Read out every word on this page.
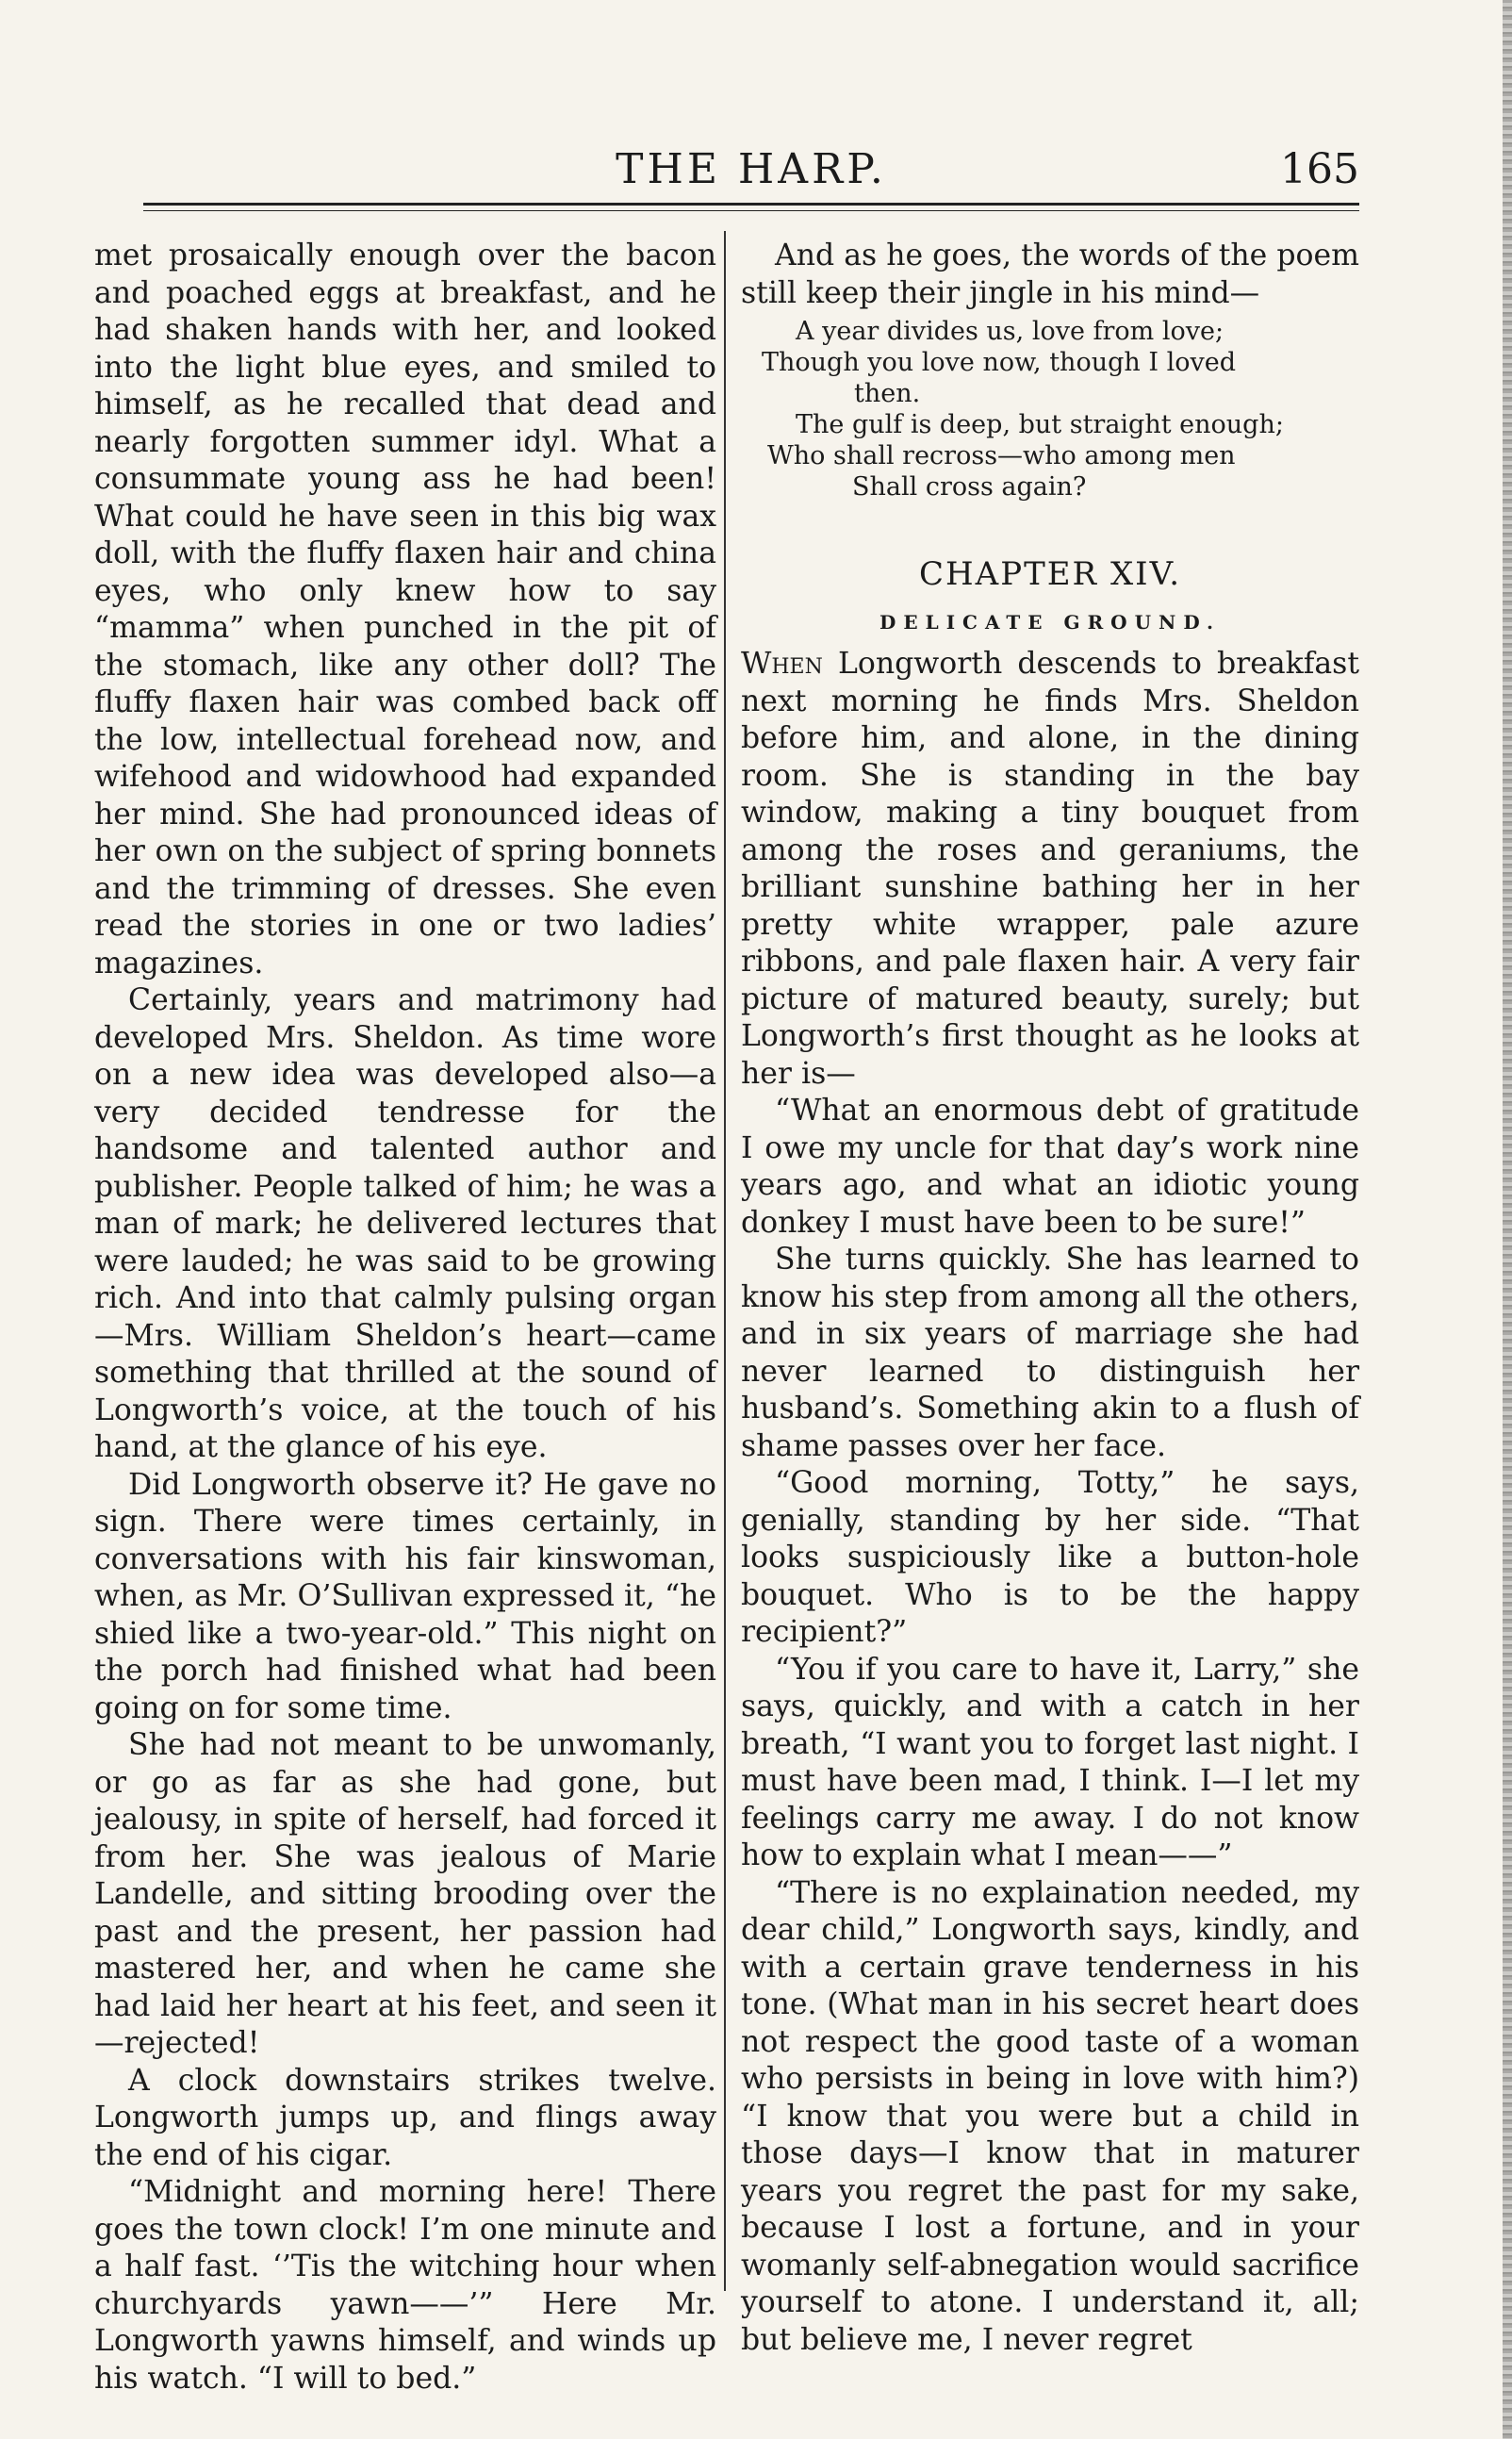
THE HARP.	165

met prosaically enough over the bacon and poached eggs at breakfast, and he had shaken hands with her, and looked into the light blue eyes, and smiled to himself, as he recalled that dead and nearly forgotten summer idyl. What a consummate young ass he had been! What could he have seen in this big wax doll, with the fluffy flaxen hair and china eyes, who only knew how to say “mamma” when punched in the pit of the stomach, like any other doll? The fluffy flaxen hair was combed back off the low, intellectual forehead now, and wifehood and widowhood had expanded her mind. She had pronounced ideas of her own on the subject of spring bonnets and the trimming of dresses. She even read the stories in one or two ladies’ magazines.

Certainly, years and matrimony had developed Mrs. Sheldon. As time wore on a new idea was developed also—a very decided tendresse for the handsome and talented author and publisher. People talked of him; he was a man of mark; he delivered lectures that were lauded; he was said to be growing rich. And into that calmly pulsing organ—Mrs. William Sheldon’s heart—came something that thrilled at the sound of Longworth’s voice, at the touch of his hand, at the glance of his eye.

Did Longworth observe it? He gave no sign. There were times certainly, in conversations with his fair kinswoman, when, as Mr. O’Sullivan expressed it, “he shied like a two-year-old.” This night on the porch had finished what had been going on for some time.

She had not meant to be unwomanly, or go as far as she had gone, but jealousy, in spite of herself, had forced it from her. She was jealous of Marie Landelle, and sitting brooding over the past and the present, her passion had mastered her, and when he came she had laid her heart at his feet, and seen it—rejected!

A clock downstairs strikes twelve. Longworth jumps up, and flings away the end of his cigar.

“Midnight and morning here! There goes the town clock! I’m one minute and a half fast. ‘’Tis the witching hour when churchyards yawn——’” Here Mr. Longworth yawns himself, and winds up his watch. “I will to bed.”

And as he goes, the words of the poem still keep their jingle in his mind—

A year divides us, love from love;
Though you love now, though I loved
then.
The gulf is deep, but straight enough;
Who shall recross—who among men
Shall cross again?
CHAPTER XIV.
DELICATE GROUND.

When Longworth descends to breakfast next morning he finds Mrs. Sheldon before him, and alone, in the dining room. She is standing in the bay window, making a tiny bouquet from among the roses and geraniums, the brilliant sunshine bathing her in her pretty white wrapper, pale azure ribbons, and pale flaxen hair. A very fair picture of matured beauty, surely; but Longworth’s first thought as he looks at her is—

“What an enormous debt of gratitude I owe my uncle for that day’s work nine years ago, and what an idiotic young donkey I must have been to be sure!”

She turns quickly. She has learned to know his step from among all the others, and in six years of marriage she had never learned to distinguish her husband’s. Something akin to a flush of shame passes over her face.

“Good morning, Totty,” he says, genially, standing by her side. “That looks suspiciously like a button-hole bouquet. Who is to be the happy recipient?”

“You if you care to have it, Larry,” she says, quickly, and with a catch in her breath, “I want you to forget last night. I must have been mad, I think. I—I let my feelings carry me away. I do not know how to explain what I mean——”

“There is no explaination needed, my dear child,” Longworth says, kindly, and with a certain grave tenderness in his tone. (What man in his secret heart does not respect the good taste of a woman who persists in being in love with him?) “I know that you were but a child in those days—I know that in maturer years you regret the past for my sake, because I lost a fortune, and in your womanly self-abnegation would sacrifice yourself to atone. I understand it, all; but believe me, I never regret
